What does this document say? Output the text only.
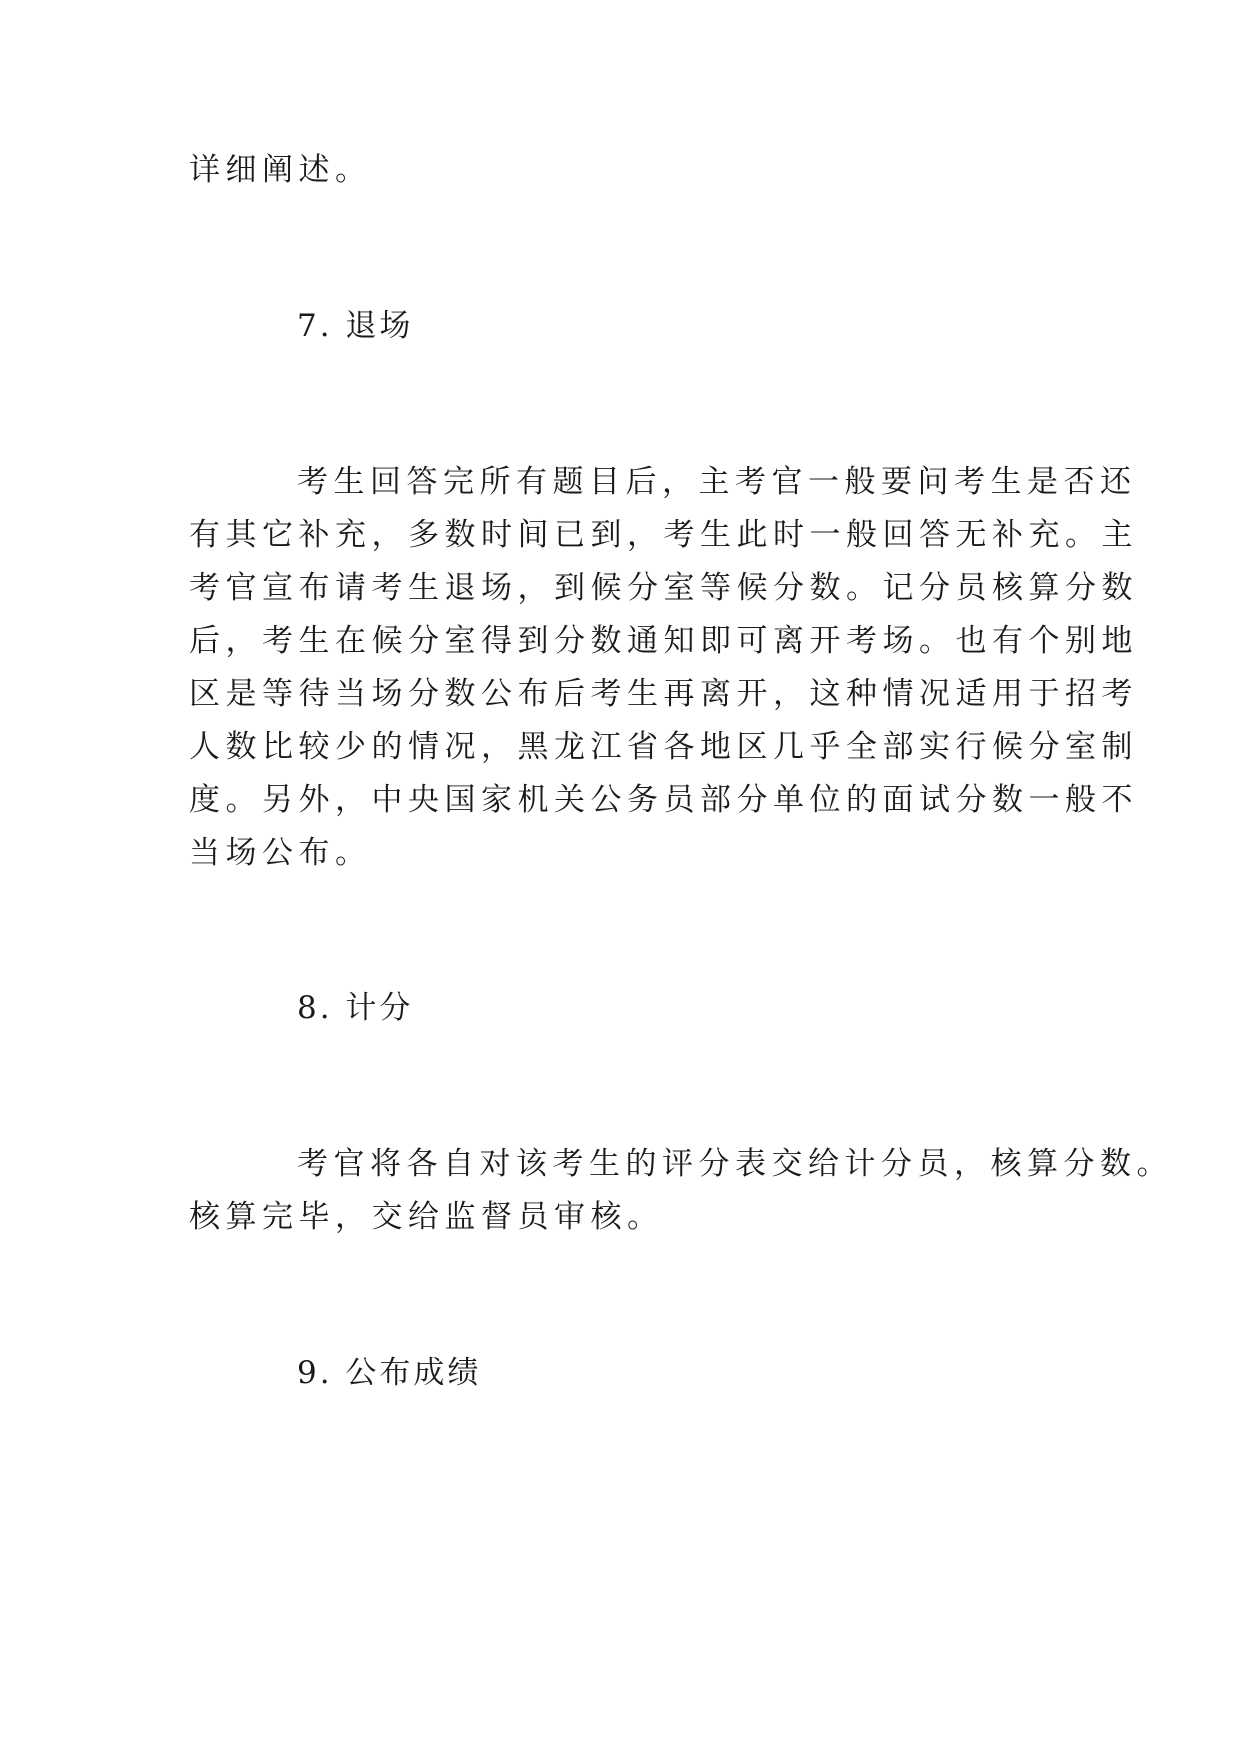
详细阐述。
7. 退场
考生回答完所有题目后，主考官一般要问考生是否还
有其它补充，多数时间已到，考生此时一般回答无补充。主
考官宣布请考生退场，到候分室等候分数。记分员核算分数
后，考生在候分室得到分数通知即可离开考场。也有个别地
区是等待当场分数公布后考生再离开，这种情况适用于招考
人数比较少的情况，黑龙江省各地区几乎全部实行候分室制
度。另外，中央国家机关公务员部分单位的面试分数一般不
当场公布。
8. 计分
考官将各自对该考生的评分表交给计分员，核算分数。
核算完毕，交给监督员审核。
9. 公布成绩
